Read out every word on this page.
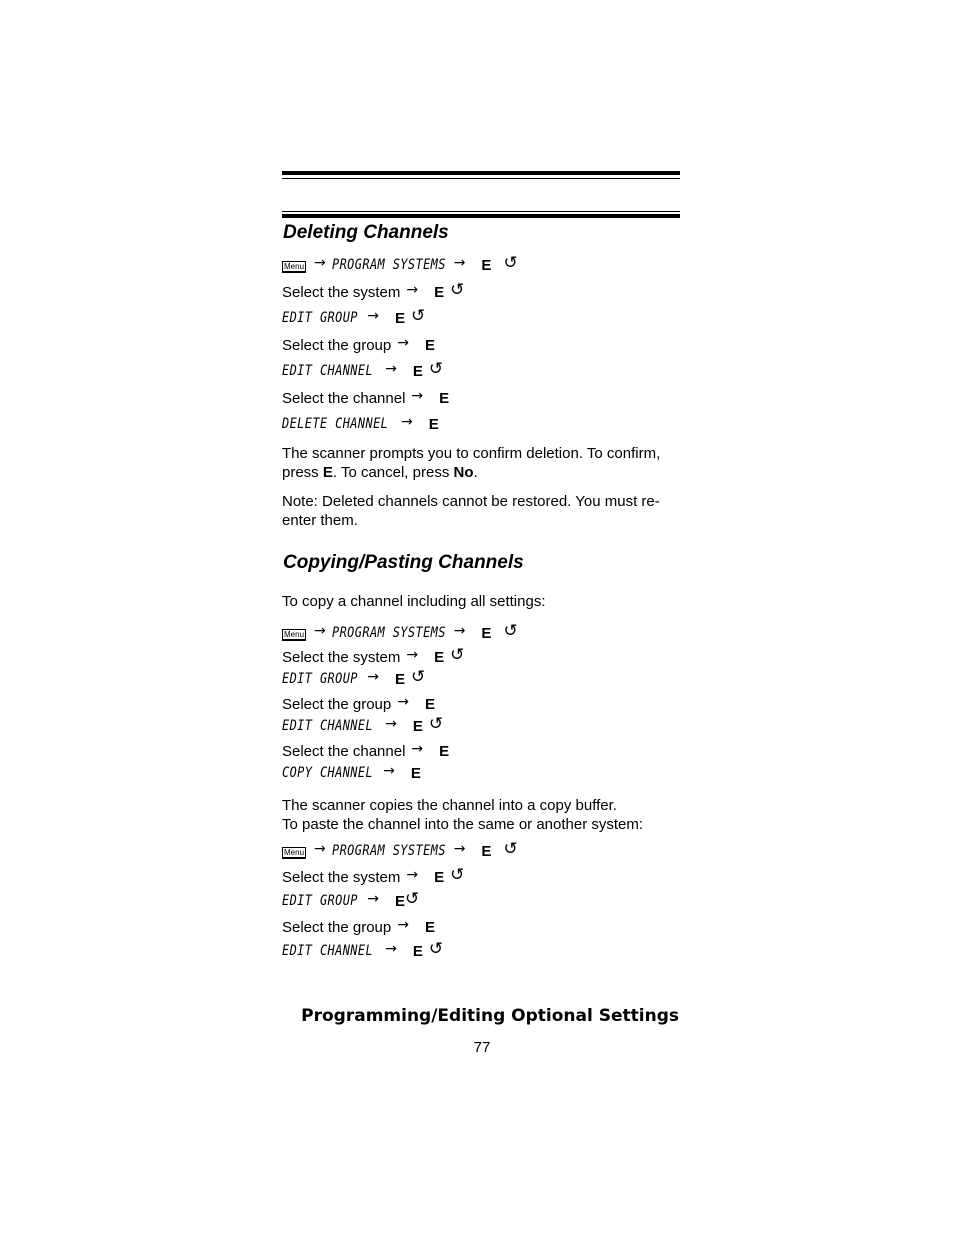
Deleting Channels
Menu → PROGRAM SYSTEMS → E ↺
Select the system → E ↺
EDIT GROUP → E ↺
Select the group → E
EDIT CHANNEL → E ↺
Select the channel → E
DELETE CHANNEL → E
The scanner prompts you to confirm deletion. To confirm, press E. To cancel, press No.
Note: Deleted channels cannot be restored. You must re-enter them.
Copying/Pasting Channels
To copy a channel including all settings:
Menu → PROGRAM SYSTEMS → E ↺
Select the system → E ↺
EDIT GROUP → E ↺
Select the group → E
EDIT CHANNEL → E ↺
Select the channel → E
COPY CHANNEL → E
The scanner copies the channel into a copy buffer.
To paste the channel into the same or another system:
Menu → PROGRAM SYSTEMS → E ↺
Select the system → E ↺
EDIT GROUP → E ↺
Select the group → E
EDIT CHANNEL → E ↺
Programming/Editing Optional Settings
77
